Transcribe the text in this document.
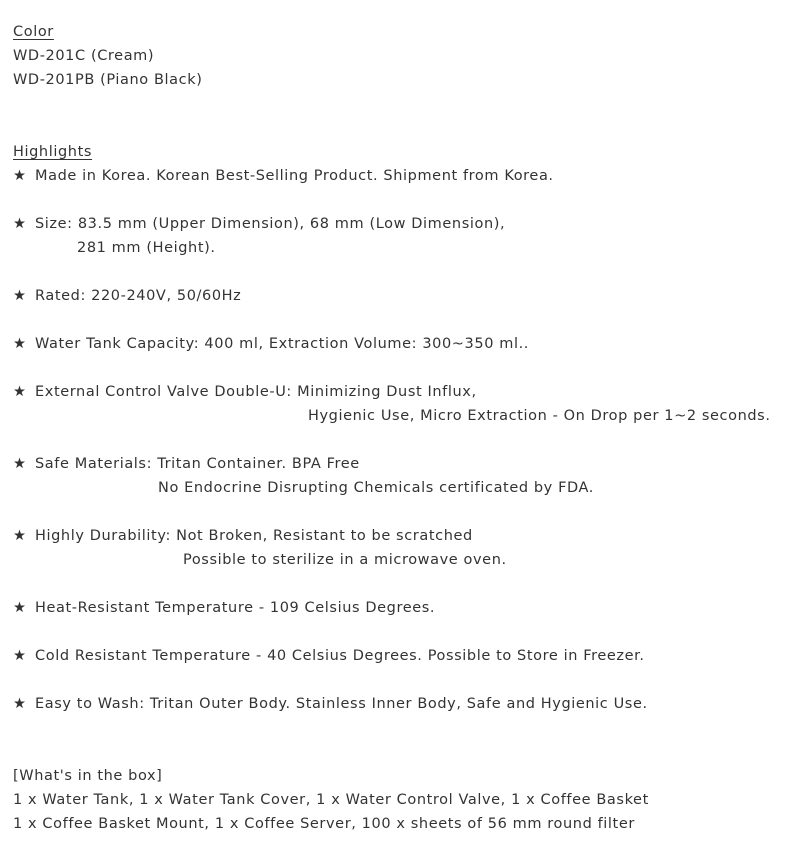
Color
WD-201C (Cream)
WD-201PB (Piano Black)
Highlights
★ Made in Korea. Korean Best-Selling Product. Shipment from Korea.
★ Size: 83.5 mm (Upper Dimension), 68 mm (Low Dimension),
281 mm (Height).
★ Rated: 220-240V, 50/60Hz
★ Water Tank Capacity: 400 ml, Extraction Volume: 300~350 ml..
★ External Control Valve Double-U: Minimizing Dust Influx,
Hygienic Use, Micro Extraction - On Drop per 1~2 seconds.
★ Safe Materials: Tritan Container. BPA Free
No Endocrine Disrupting Chemicals certificated by FDA.
★ Highly Durability: Not Broken, Resistant to be scratched
Possible to sterilize in a microwave oven.
★ Heat-Resistant Temperature - 109 Celsius Degrees.
★ Cold Resistant Temperature - 40 Celsius Degrees. Possible to Store in Freezer.
★ Easy to Wash: Tritan Outer Body. Stainless Inner Body, Safe and Hygienic Use.
[What's in the box]
1 x Water Tank, 1 x Water Tank Cover, 1 x Water Control Valve, 1 x Coffee Basket
1 x Coffee Basket Mount, 1 x Coffee Server, 100 x sheets of 56 mm round filter
